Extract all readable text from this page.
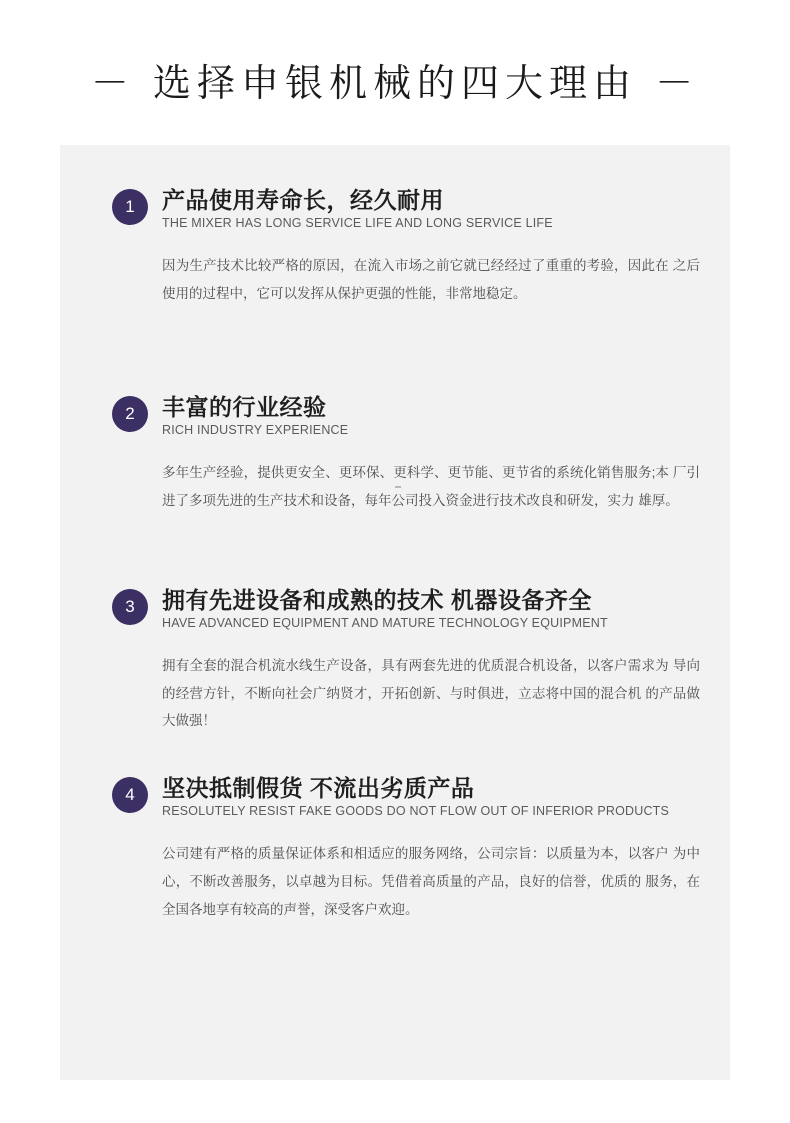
－ 选择申银机械的四大理由 －
1	产品使用寿命长，经久耐用
THE MIXER HAS LONG SERVICE LIFE AND LONG SERVICE LIFE

因为生产技术比较严格的原因，在流入市场之前它就已经经过了重重的考验，因此在 之后使用的过程中，它可以发挥从保护更强的性能，非常地稳定。

2	丰富的行业经验
RICH INDUSTRY EXPERIENCE

多年生产经验，提供更安全、更环保、更科学、更节能、更节省的系统化销售服务;本 厂引进了多项先进的生产技术和设备，每年公司投入资金进行技术改良和研发，实力 雄厚。

3	拥有先进设备和成熟的技术 机器设备齐全
HAVE ADVANCED EQUIPMENT AND MATURE TECHNOLOGY EQUIPMENT

拥有全套的混合机流水线生产设备，具有两套先进的优质混合机设备，以客户需求为 导向的经营方针，不断向社会广纳贤才，开拓创新、与时俱进，立志将中国的混合机 的产品做大做强！

4	坚决抵制假货 不流出劣质产品
RESOLUTELY RESIST FAKE GOODS DO NOT FLOW OUT OF INFERIOR PRODUCTS

公司建有严格的质量保证体系和相适应的服务网络，公司宗旨：以质量为本，以客户 为中心，不断改善服务，以卓越为目标。凭借着高质量的产品，良好的信誉，优质的 服务，在全国各地享有较高的声誉，深受客户欢迎。
